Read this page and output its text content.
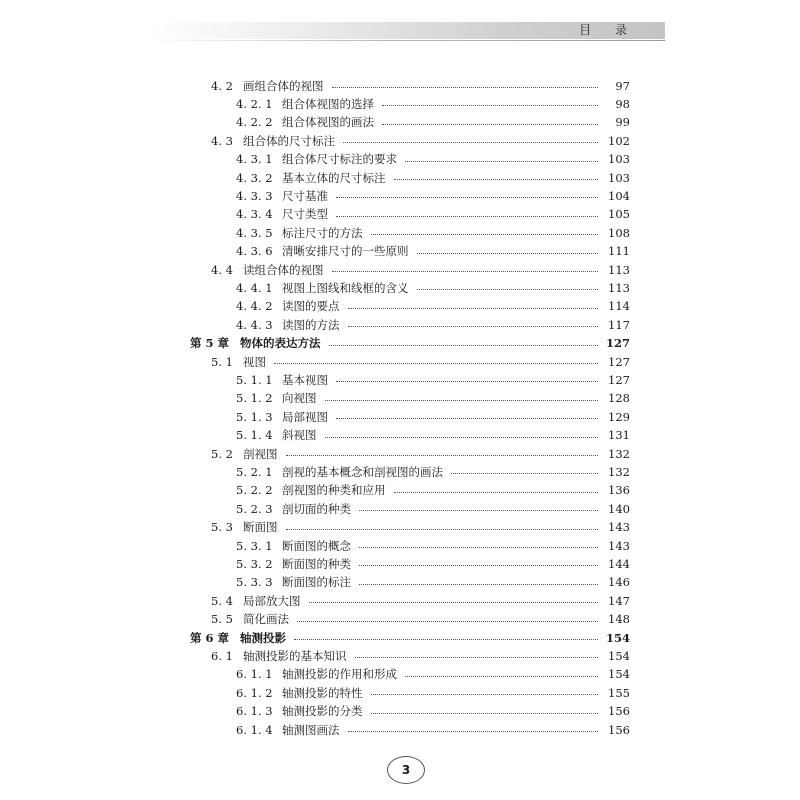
目 录
4. 2 画组合体的视图	97
4. 2. 1 组合体视图的选择	98
4. 2. 2 组合体视图的画法	99
4. 3 组合体的尺寸标注	102
4. 3. 1 组合体尺寸标注的要求	103
4. 3. 2 基本立体的尺寸标注	103
4. 3. 3 尺寸基准	104
4. 3. 4 尺寸类型	105
4. 3. 5 标注尺寸的方法	108
4. 3. 6 清晰安排尺寸的一些原则	111
4. 4 读组合体的视图	113
4. 4. 1 视图上图线和线框的含义	113
4. 4. 2 读图的要点	114
4. 4. 3 读图的方法	117
第 5 章 物体的表达方法	127
5. 1 视图	127
5. 1. 1 基本视图	127
5. 1. 2 向视图	128
5. 1. 3 局部视图	129
5. 1. 4 斜视图	131
5. 2 剖视图	132
5. 2. 1 剖视的基本概念和剖视图的画法	132
5. 2. 2 剖视图的种类和应用	136
5. 2. 3 剖切面的种类	140
5. 3 断面图	143
5. 3. 1 断面图的概念	143
5. 3. 2 断面图的种类	144
5. 3. 3 断面图的标注	146
5. 4 局部放大图	147
5. 5 简化画法	148
第 6 章 轴测投影	154
6. 1 轴测投影的基本知识	154
6. 1. 1 轴测投影的作用和形成	154
6. 1. 2 轴测投影的特性	155
6. 1. 3 轴测投影的分类	156
6. 1. 4 轴测图画法	156
3
